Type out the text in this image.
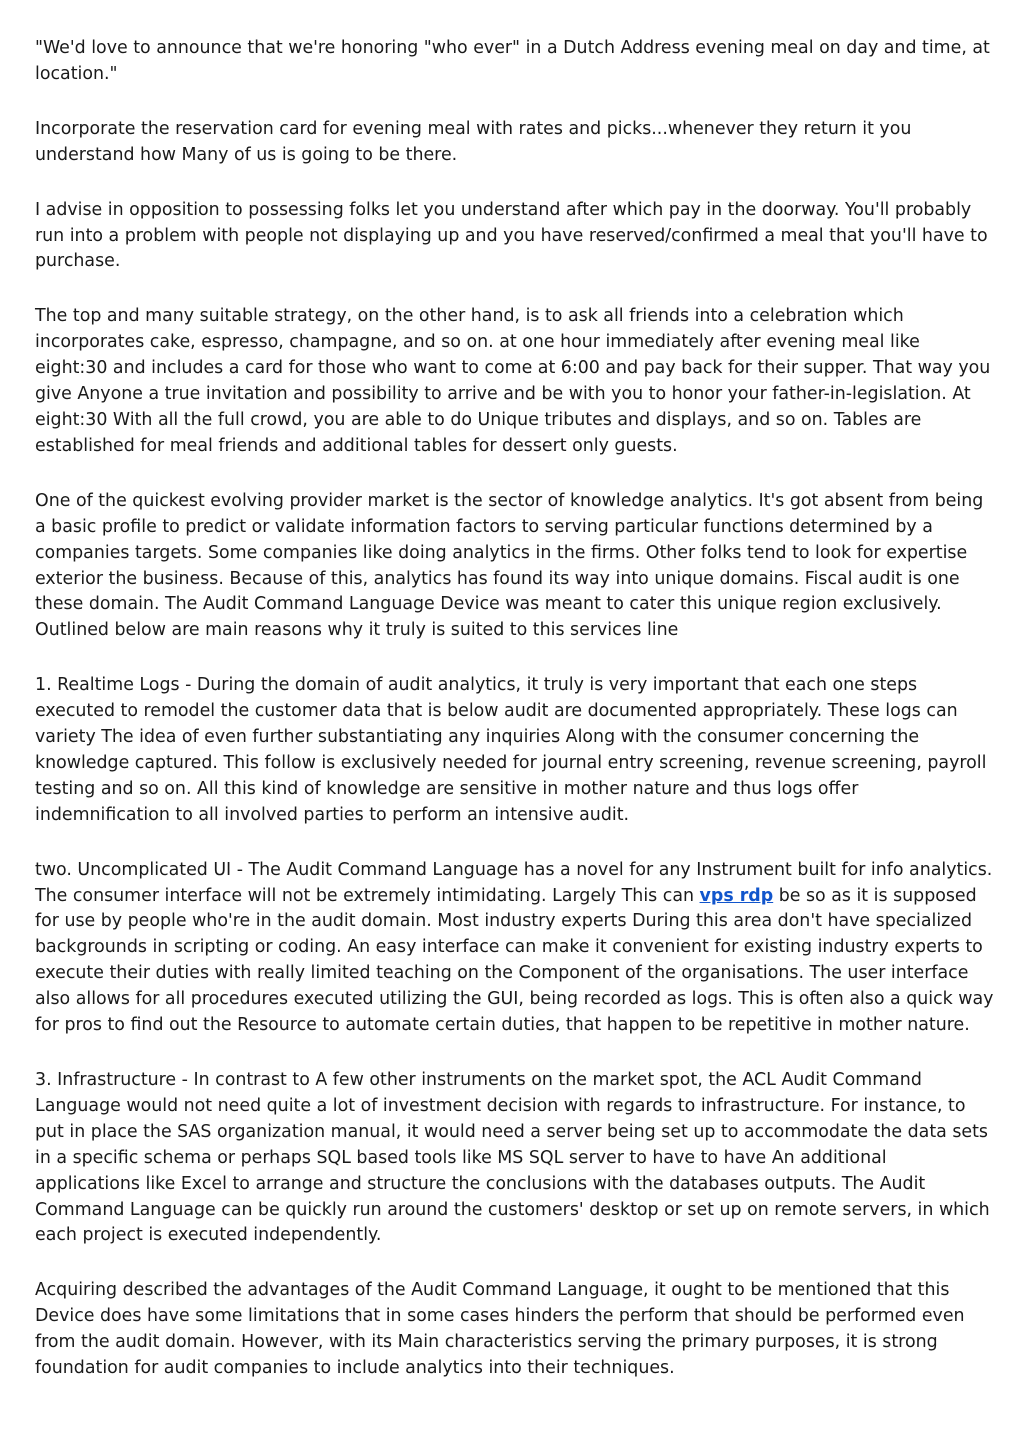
"We'd love to announce that we're honoring "who ever" in a Dutch Address evening meal on day and time, at location."

Incorporate the reservation card for evening meal with rates and picks...whenever they return it you understand how Many of us is going to be there.

I advise in opposition to possessing folks let you understand after which pay in the doorway. You'll probably run into a problem with people not displaying up and you have reserved/confirmed a meal that you'll have to purchase.

The top and many suitable strategy, on the other hand, is to ask all friends into a celebration which incorporates cake, espresso, champagne, and so on. at one hour immediately after evening meal like eight:30 and includes a card for those who want to come at 6:00 and pay back for their supper. That way you give Anyone a true invitation and possibility to arrive and be with you to honor your father-in-legislation. At eight:30 With all the full crowd, you are able to do Unique tributes and displays, and so on. Tables are established for meal friends and additional tables for dessert only guests.

One of the quickest evolving provider market is the sector of knowledge analytics. It's got absent from being a basic profile to predict or validate information factors to serving particular functions determined by a companies targets. Some companies like doing analytics in the firms. Other folks tend to look for expertise exterior the business. Because of this, analytics has found its way into unique domains. Fiscal audit is one these domain. The Audit Command Language Device was meant to cater this unique region exclusively. Outlined below are main reasons why it truly is suited to this services line

1. Realtime Logs - During the domain of audit analytics, it truly is very important that each one steps executed to remodel the customer data that is below audit are documented appropriately. These logs can variety The idea of even further substantiating any inquiries Along with the consumer concerning the knowledge captured. This follow is exclusively needed for journal entry screening, revenue screening, payroll testing and so on. All this kind of knowledge are sensitive in mother nature and thus logs offer indemnification to all involved parties to perform an intensive audit.

two. Uncomplicated UI - The Audit Command Language has a novel for any Instrument built for info analytics. The consumer interface will not be extremely intimidating. Largely This can vps rdp be so as it is supposed for use by people who're in the audit domain. Most industry experts During this area don't have specialized backgrounds in scripting or coding. An easy interface can make it convenient for existing industry experts to execute their duties with really limited teaching on the Component of the organisations. The user interface also allows for all procedures executed utilizing the GUI, being recorded as logs. This is often also a quick way for pros to find out the Resource to automate certain duties, that happen to be repetitive in mother nature.

3. Infrastructure - In contrast to A few other instruments on the market spot, the ACL Audit Command Language would not need quite a lot of investment decision with regards to infrastructure. For instance, to put in place the SAS organization manual, it would need a server being set up to accommodate the data sets in a specific schema or perhaps SQL based tools like MS SQL server to have to have An additional applications like Excel to arrange and structure the conclusions with the databases outputs. The Audit Command Language can be quickly run around the customers' desktop or set up on remote servers, in which each project is executed independently.

Acquiring described the advantages of the Audit Command Language, it ought to be mentioned that this Device does have some limitations that in some cases hinders the perform that should be performed even from the audit domain. However, with its Main characteristics serving the primary purposes, it is strong foundation for audit companies to include analytics into their techniques.
